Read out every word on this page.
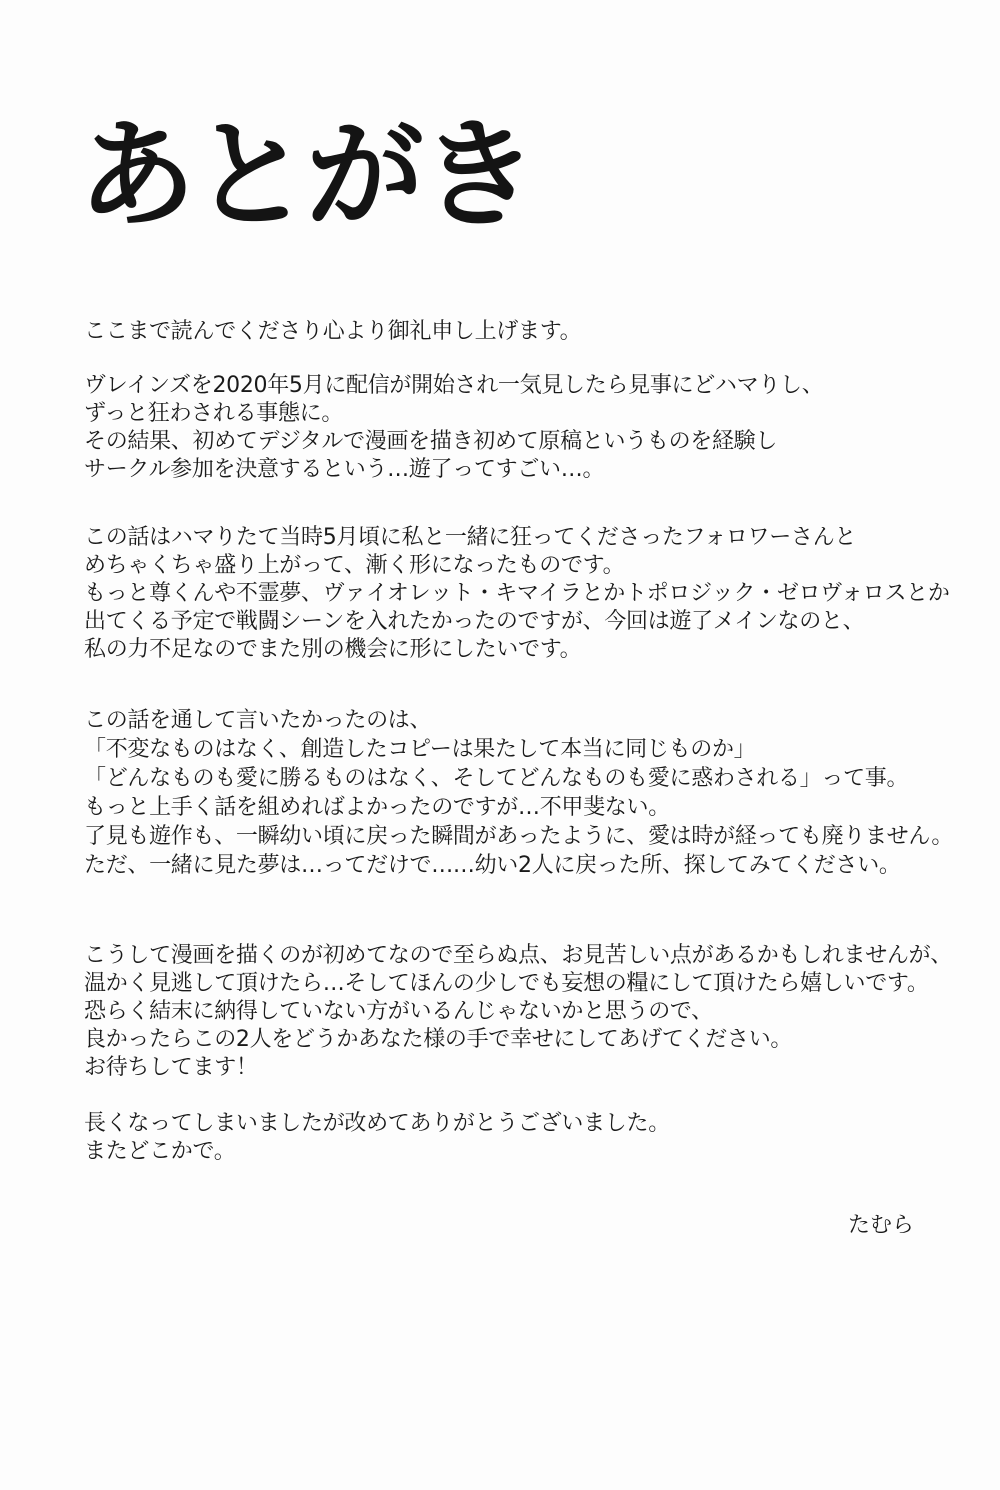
あとがき
ここまで読んでくださり心より御礼申し上げます。
ヴレインズを2020年5月に配信が開始され一気見したら見事にどハマりし、
ずっと狂わされる事態に。
その結果、初めてデジタルで漫画を描き初めて原稿というものを経験し
サークル参加を決意するという…遊了ってすごい…。
この話はハマりたて当時5月頃に私と一緒に狂ってくださったフォロワーさんと
めちゃくちゃ盛り上がって、漸く形になったものです。
もっと尊くんや不霊夢、ヴァイオレット・キマイラとかトポロジック・ゼロヴォロスとか
出てくる予定で戦闘シーンを入れたかったのですが、今回は遊了メインなのと、
私の力不足なのでまた別の機会に形にしたいです。
この話を通して言いたかったのは、
「不変なものはなく、創造したコピーは果たして本当に同じものか」
「どんなものも愛に勝るものはなく、そしてどんなものも愛に惑わされる」って事。
もっと上手く話を組めればよかったのですが…不甲斐ない。
了見も遊作も、一瞬幼い頃に戻った瞬間があったように、愛は時が経っても廃りません。
ただ、一緒に見た夢は…ってだけで……幼い2人に戻った所、探してみてください。
こうして漫画を描くのが初めてなので至らぬ点、お見苦しい点があるかもしれませんが、
温かく見逃して頂けたら…そしてほんの少しでも妄想の糧にして頂けたら嬉しいです。
恐らく結末に納得していない方がいるんじゃないかと思うので、
良かったらこの2人をどうかあなた様の手で幸せにしてあげてください。
お待ちしてます！
長くなってしまいましたが改めてありがとうございました。
またどこかで。
たむら
